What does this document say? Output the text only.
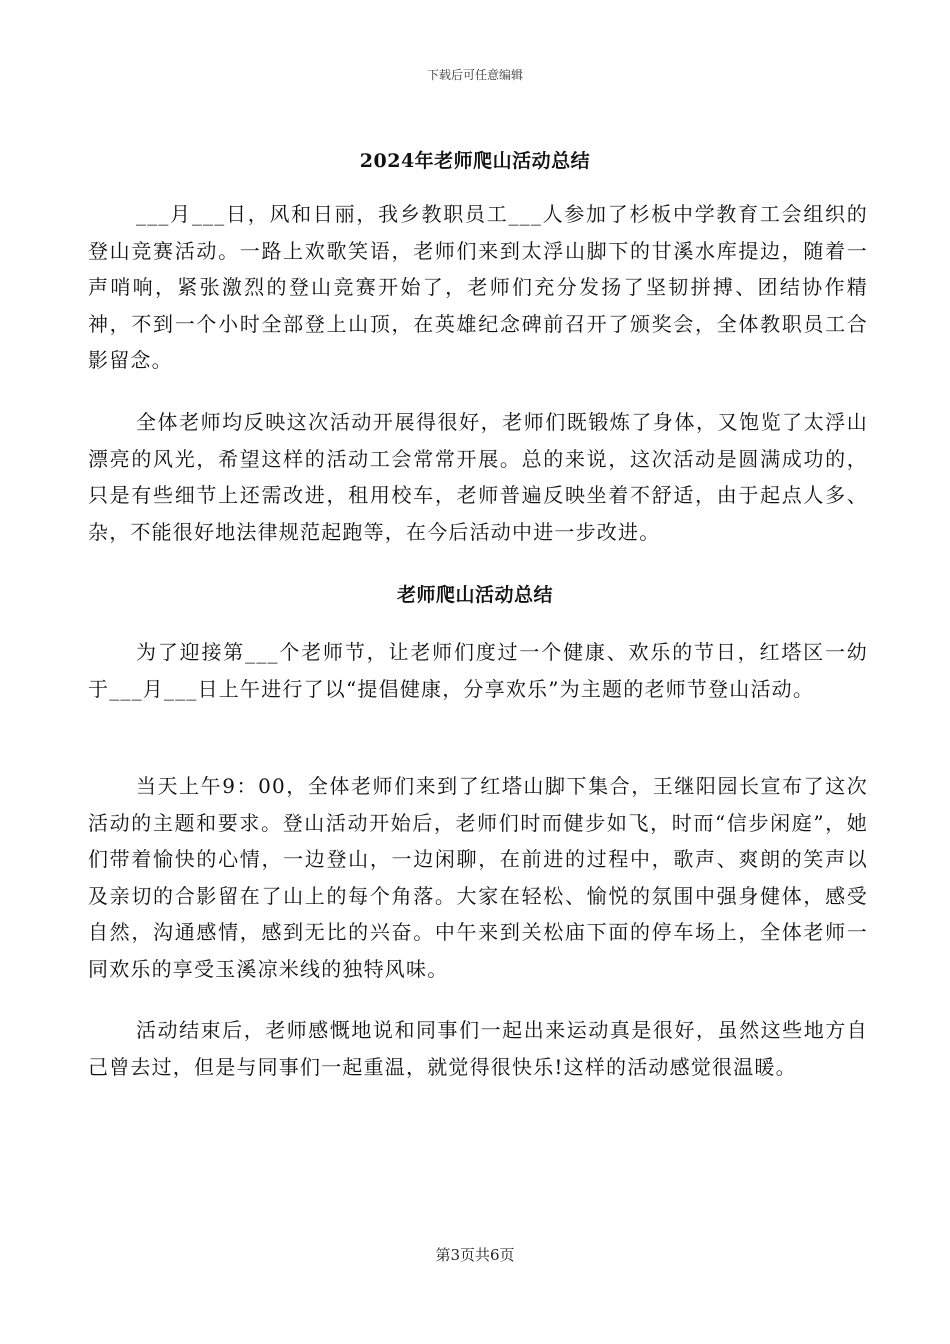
下载后可任意编辑
2024年老师爬山活动总结

___月___日，风和日丽，我乡教职员工___人参加了杉板中学教育工会组织的登山竞赛活动。一路上欢歌笑语，老师们来到太浮山脚下的甘溪水库提边，随着一声哨响，紧张激烈的登山竞赛开始了，老师们充分发扬了坚韧拼搏、团结协作精神，不到一个小时全部登上山顶，在英雄纪念碑前召开了颁奖会，全体教职员工合影留念。

全体老师均反映这次活动开展得很好，老师们既锻炼了身体，又饱览了太浮山漂亮的风光，希望这样的活动工会常常开展。总的来说，这次活动是圆满成功的，只是有些细节上还需改进，租用校车，老师普遍反映坐着不舒适，由于起点人多、杂，不能很好地法律规范起跑等，在今后活动中进一步改进。

老师爬山活动总结

为了迎接第___个老师节，让老师们度过一个健康、欢乐的节日，红塔区一幼于___月___日上午进行了以“提倡健康，分享欢乐”为主题的老师节登山活动。

当天上午9：00，全体老师们来到了红塔山脚下集合，王继阳园长宣布了这次活动的主题和要求。登山活动开始后，老师们时而健步如飞，时而“信步闲庭”，她们带着愉快的心情，一边登山，一边闲聊，在前进的过程中，歌声、爽朗的笑声以及亲切的合影留在了山上的每个角落。大家在轻松、愉悦的氛围中强身健体，感受自然，沟通感情，感到无比的兴奋。中午来到关松庙下面的停车场上，全体老师一同欢乐的享受玉溪凉米线的独特风味。

活动结束后，老师感慨地说和同事们一起出来运动真是很好，虽然这些地方自己曾去过，但是与同事们一起重温，就觉得很快乐!这样的活动感觉很温暖。

第3页共6页
